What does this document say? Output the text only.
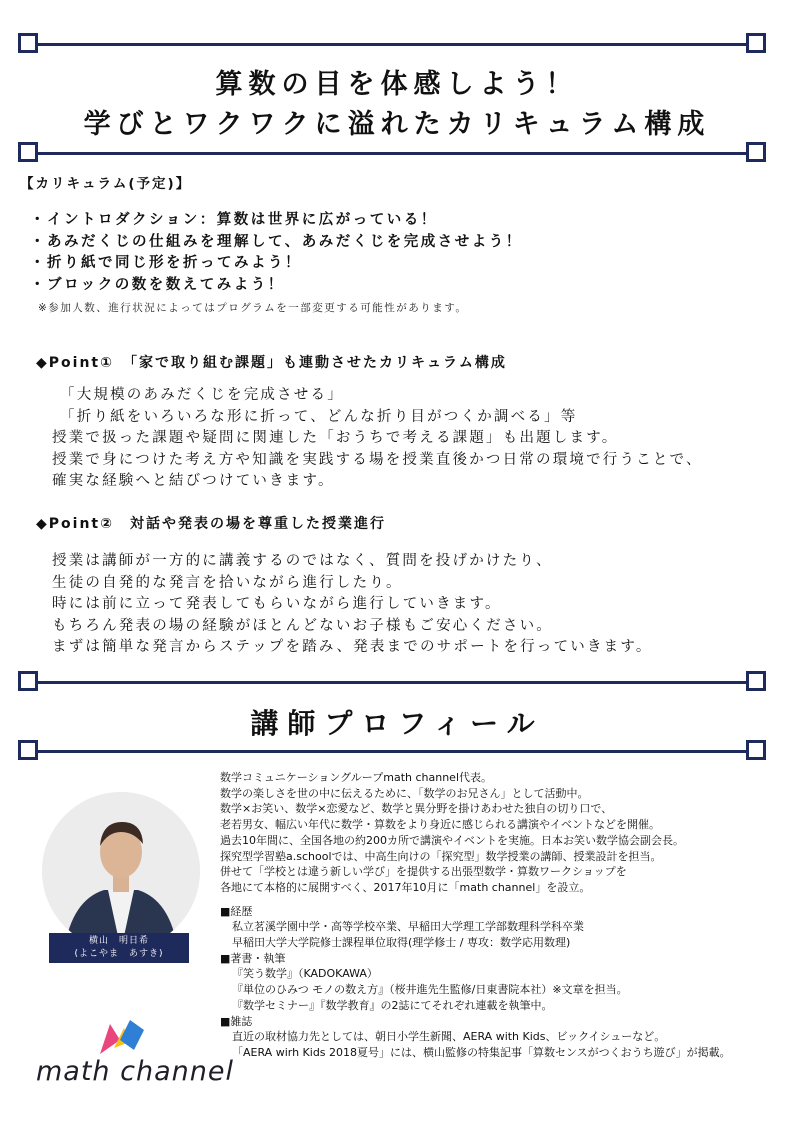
算数の目を体感しよう！
学びとワクワクに溢れたカリキュラム構成
【カリキュラム(予定)】
・イントロダクション：算数は世界に広がっている！
・あみだくじの仕組みを理解して、あみだくじを完成させよう！
・折り紙で同じ形を折ってみよう！
・ブロックの数を数えてみよう！
※参加人数、進行状況によってはプログラムを一部変更する可能性があります。
◆Point①　「家で取り組む課題」も連動させたカリキュラム構成
「大規模のあみだくじを完成させる」
「折り紙をいろいろな形に折って、どんな折り目がつくか調べる」等
授業で扱った課題や疑問に関連した「おうちで考える課題」も出題します。
授業で身につけた考え方や知識を実践する場を授業直後かつ日常の環境で行うことで、
確実な経験へと結びつけていきます。
◆Point②　対話や発表の場を尊重した授業進行
授業は講師が一方的に講義するのではなく、質問を投げかけたり、
生徒の自発的な発言を拾いながら進行したり。
時には前に立って発表してもらいながら進行していきます。
もちろん発表の場の経験がほとんどないお子様もご安心ください。
まずは簡単な発言からステップを踏み、発表までのサポートを行っていきます。
講師プロフィール
横山　明日希
(よこやま　あすき)
math channel
数学コミュニケーショングループmath channel代表。
数学の楽しさを世の中に伝えるために、「数学のお兄さん」として活動中。
数学×お笑い、数学×恋愛など、数学と異分野を掛けあわせた独自の切り口で、
老若男女、幅広い年代に数学・算数をより身近に感じられる講演やイベントなどを開催。
過去10年間に、全国各地の約200カ所で講演やイベントを実施。日本お笑い数学協会副会長。
探究型学習塾a.schoolでは、中高生向けの「探究型」数学授業の講師、授業設計を担当。
併せて「学校とは違う新しい学び」を提供する出張型数学・算数ワークショップを
各地にて本格的に展開すべく、2017年10月に「math channel」を設立。
■経歴
私立茗溪学園中学・高等学校卒業、早稲田大学理工学部数理科学科卒業
早稲田大学大学院修士課程単位取得(理学修士 / 専攻：数学応用数理)
■著書・執筆
『笑う数学』（KADOKAWA）
『単位のひみつ モノの数え方』（桜井進先生監修/日東書院本社）※文章を担当。
『数学セミナー』『数学教育』の2誌にてそれぞれ連載を執筆中。
■雑誌
直近の取材協力先としては、朝日小学生新聞、AERA with Kids、ビックイシューなど。
「AERA wirh Kids 2018夏号」には、横山監修の特集記事「算数センスがつくおうち遊び」が掲載。
